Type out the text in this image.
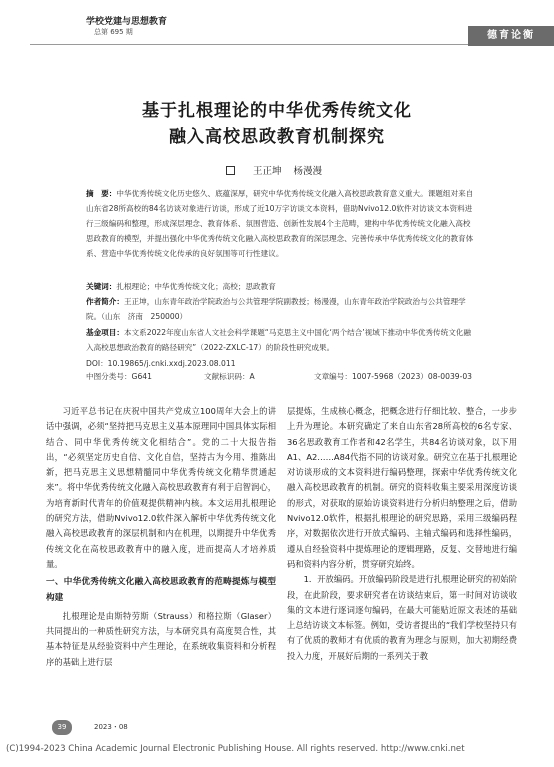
学校党建与思想教育
总第 695 期	德育论衡
基于扎根理论的中华优秀传统文化
融入高校思政教育机制探究
王正坤 杨漫漫
摘　要：中华优秀传统文化历史悠久、底蕴深厚，研究中华优秀传统文化融入高校思政教育意义重大。课题组对来自山东省28所高校的84名访谈对象进行访谈，形成了近10万字访谈文本资料，借助Nvivo12.0软件对访谈文本资料进行三级编码和整理，形成深层理念、教育体系、氛围营造、创新性发展4个主范畴，建构中华优秀传统文化融入高校思政教育的模型，并提出强化中华优秀传统文化融入高校思政教育的深层理念、完善传承中华优秀传统文化的教育体系、营造中华优秀传统文化传承的良好氛围等可行性建议。
关键词：扎根理论；中华优秀传统文化；高校；思政教育
作者简介：王正坤，山东青年政治学院政治与公共管理学院副教授；杨漫漫，山东青年政治学院政治与公共管理学院。（山东　济南　250000）
基金项目：本文系2022年度山东省人文社会科学课题“马克思主义中国化‘两个结合’视域下推动中华优秀传统文化融入高校思想政治教育的路径研究”（2022-ZXLC-17）的阶段性研究成果。
DOI：10.19865/j.cnki.xxdj.2023.08.011
中图分类号：G641	文献标识码：A	文章编号：1007-5968（2023）08-0039-03

习近平总书记在庆祝中国共产党成立100周年大会上的讲话中强调，必须“坚持把马克思主义基本原理同中国具体实际相结合、同中华优秀传统文化相结合”。党的二十大报告指出，“必须坚定历史自信、文化自信，坚持古为今用、推陈出新，把马克思主义思想精髓同中华优秀传统文化精华贯通起来”。将中华优秀传统文化融入高校思政教育有利于启智润心，为培育新时代青年的价值观提供精神内核。本文运用扎根理论的研究方法，借助Nvivo12.0软件深入解析中华优秀传统文化融入高校思政教育的深层机制和内在机理，以期提升中华优秀传统文化在高校思政教育中的融入度，进而提高人才培养质量。

一、中华优秀传统文化融入高校思政教育的范畴提炼与模型构建

扎根理论是由斯特劳斯（Strauss）和格拉斯（Glaser）共同提出的一种质性研究方法，与本研究具有高度契合性，其基本特征是从经验资料中产生理论，在系统收集资料和分析程序的基础上进行层

层提炼，生成核心概念，把概念进行仔细比较、整合，一步步上升为理论。本研究确定了来自山东省28所高校的6名专家、36名思政教育工作者和42名学生，共84名访谈对象，以下用A1、A2……A84代指不同的访谈对象。研究立在基于扎根理论对访谈形成的文本资料进行编码整理，探索中华优秀传统文化融入高校思政教育的机制。研究的资料收集主要采用深度访谈的形式，对获取的原始访谈资料进行分析归纳整理之后，借助Nvivo12.0软件，根据扎根理论的研究思路，采用三级编码程序，对数据依次进行开放式编码、主轴式编码和选择性编码，遵从自经验资料中提炼理论的逻辑理路，反复、交替地进行编码和资料内容分析，贯穿研究始终。

1．开放编码。开放编码阶段是进行扎根理论研究的初始阶段，在此阶段，要求研究者在访谈结束后，第一时间对访谈收集的文本进行逐词逐句编码，在最大可能贴近原文表述的基础上总结访谈文本标签。例如，受访者提出的“我们学校坚持只有有了优质的教师才有优质的教育为理念与原则，加大初期经费投入力度，开展好后期的一系列关于教

39	2023・08
(C)1994-2023 China Academic Journal Electronic Publishing House. All rights reserved. http://www.cnki.net
